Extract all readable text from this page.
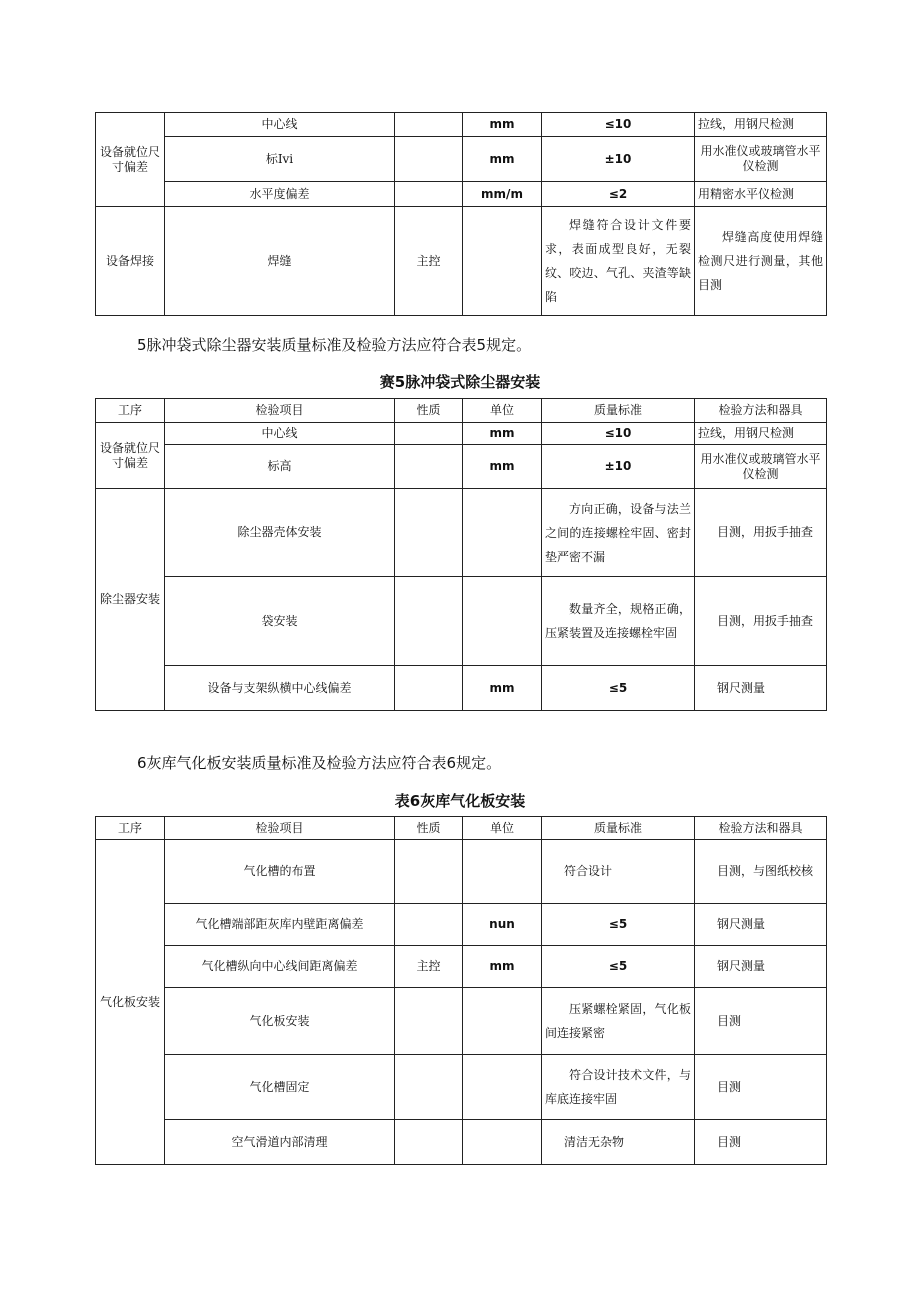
设备就位尺寸偏差	中心线		mm	≤10	拉线，用钢尺检测
	标Iⅵ		mm	±10	用水准仪或玻璃管水平仪检测
	水平度偏差		mm/m	≤2	用精密水平仪检测
设备焊接	焊缝	主控		焊缝符合设计文件要求，表面成型良好，无裂纹、咬边、气孔、夹渣等缺陷	焊缝高度使用焊缝检测尺进行测量，其他目测
5脉冲袋式除尘器安装质量标准及检验方法应符合表5规定。
赛5脉冲袋式除尘器安装
工序	检验项目	性质	单位	质量标准	检验方法和器具
设备就位尺寸偏差	中心线		mm	≤10	拉线，用钢尺检测
	标高		mm	±10	用水准仪或玻璃管水平仪检测
除尘器安装	除尘器壳体安装			方向正确，设备与法兰之间的连接螺栓牢固、密封垫严密不漏	目测，用扳手抽查
	袋安装			数量齐全，规格正确，压紧装置及连接螺栓牢固	目测，用扳手抽查
	设备与支架纵横中心线偏差		mm	≤5	钢尺测量
6灰库气化板安装质量标准及检验方法应符合表6规定。
表6灰库气化板安装
工序	检验项目	性质	单位	质量标准	检验方法和器具
气化板安装	气化槽的布置			符合设计	目测，与图纸校核
	气化槽端部距灰库内壁距离偏差		nun	≤5	钢尺测量
	气化槽纵向中心线间距离偏差	主控	mm	≤5	钢尺测量
	气化板安装			压紧螺栓紧固，气化板间连接紧密	目测
	气化槽固定			符合设计技术文件，与库底连接牢固	目测
	空气滑道内部清理			清洁无杂物	目测
